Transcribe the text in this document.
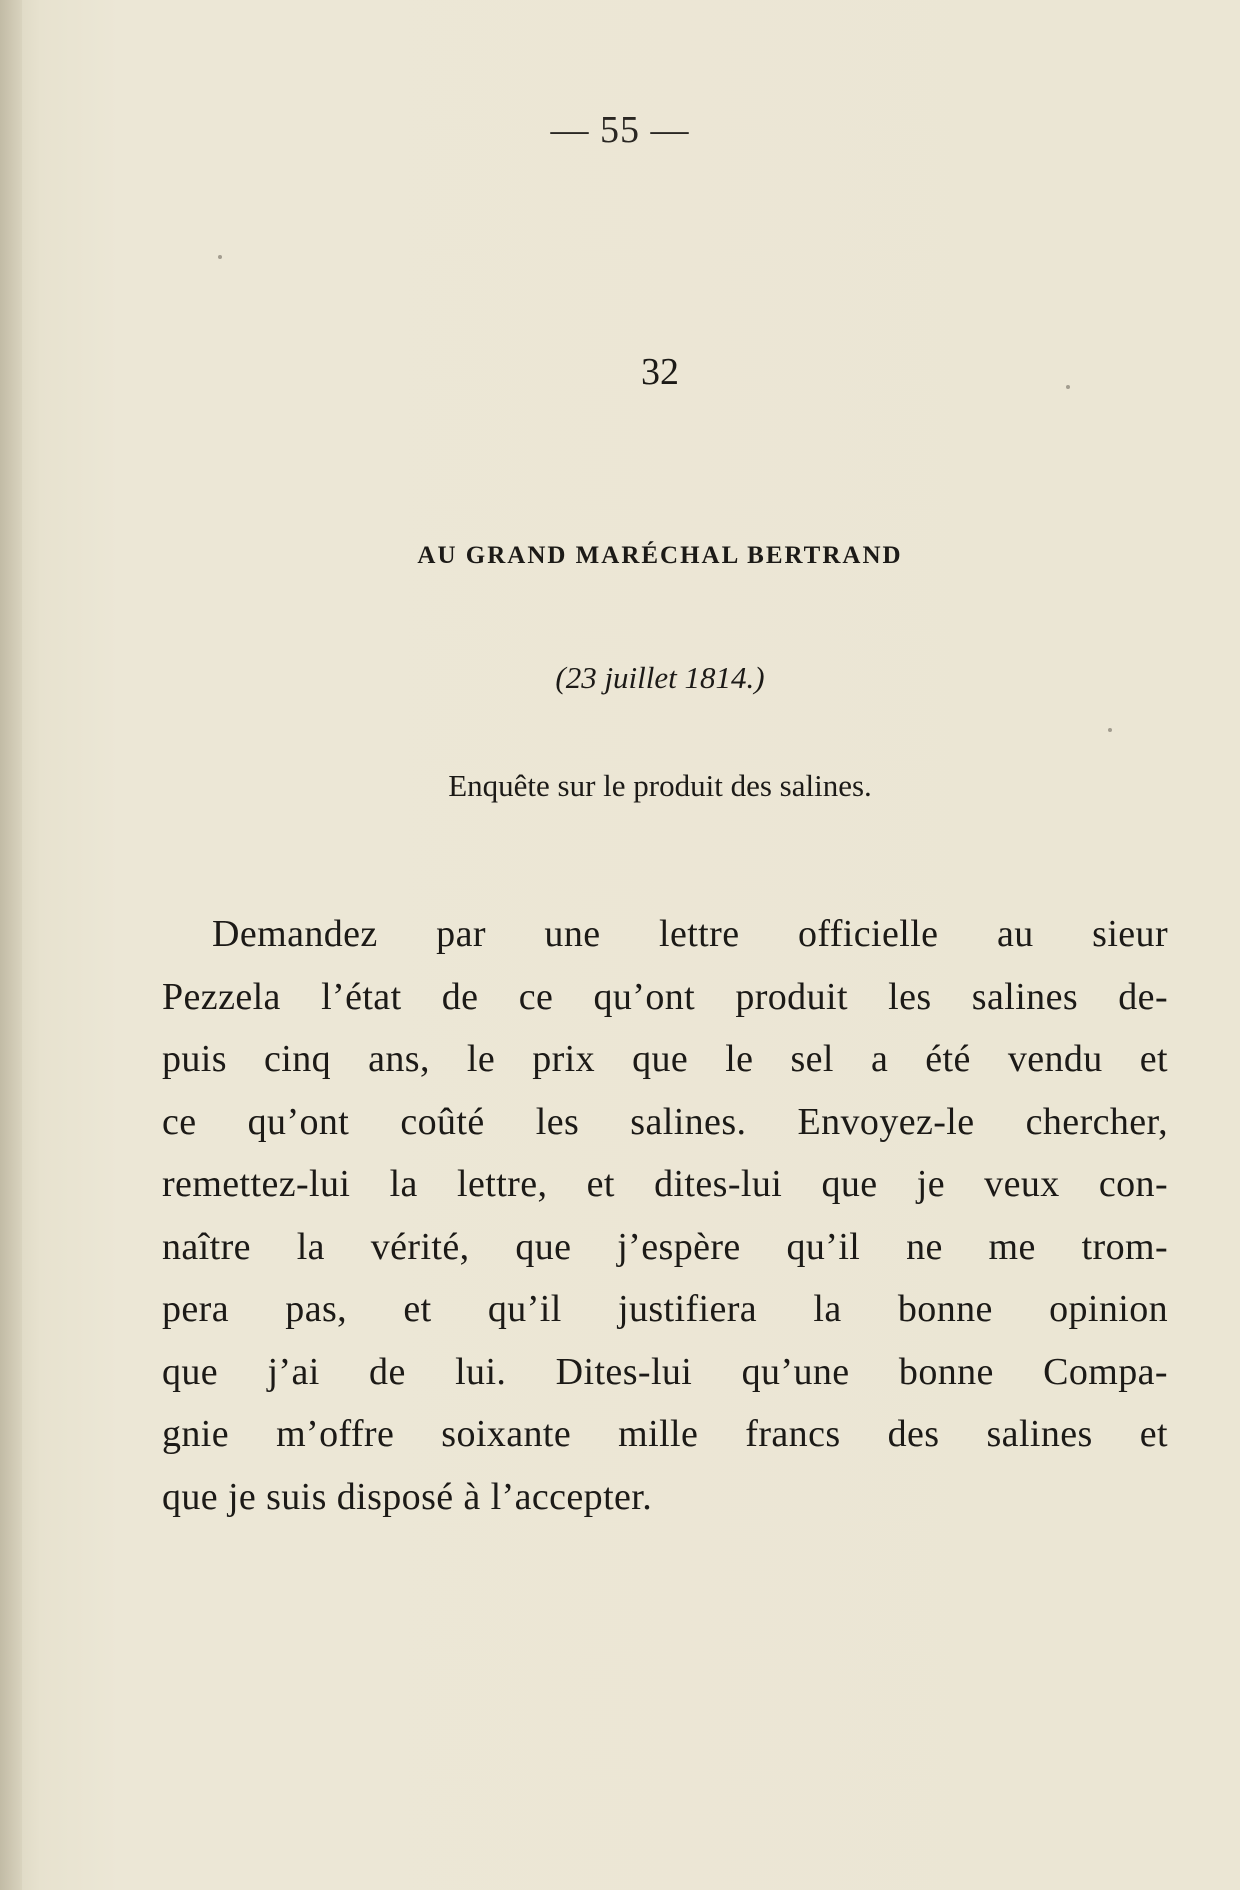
— 55 —
32
AU GRAND MARÉCHAL BERTRAND
(23 juillet 1814.)
Enquête sur le produit des salines.
Demandez par une lettre officielle au sieur
Pezzela l’état de ce qu’ont produit les salines de-
puis cinq ans, le prix que le sel a été vendu et
ce qu’ont coûté les salines. Envoyez-le chercher,
remettez-lui la lettre, et dites-lui que je veux con-
naître la vérité, que j’espère qu’il ne me trom-
pera pas, et qu’il justifiera la bonne opinion
que j’ai de lui. Dites-lui qu’une bonne Compa-
gnie m’offre soixante mille francs des salines et
que je suis disposé à l’accepter.
